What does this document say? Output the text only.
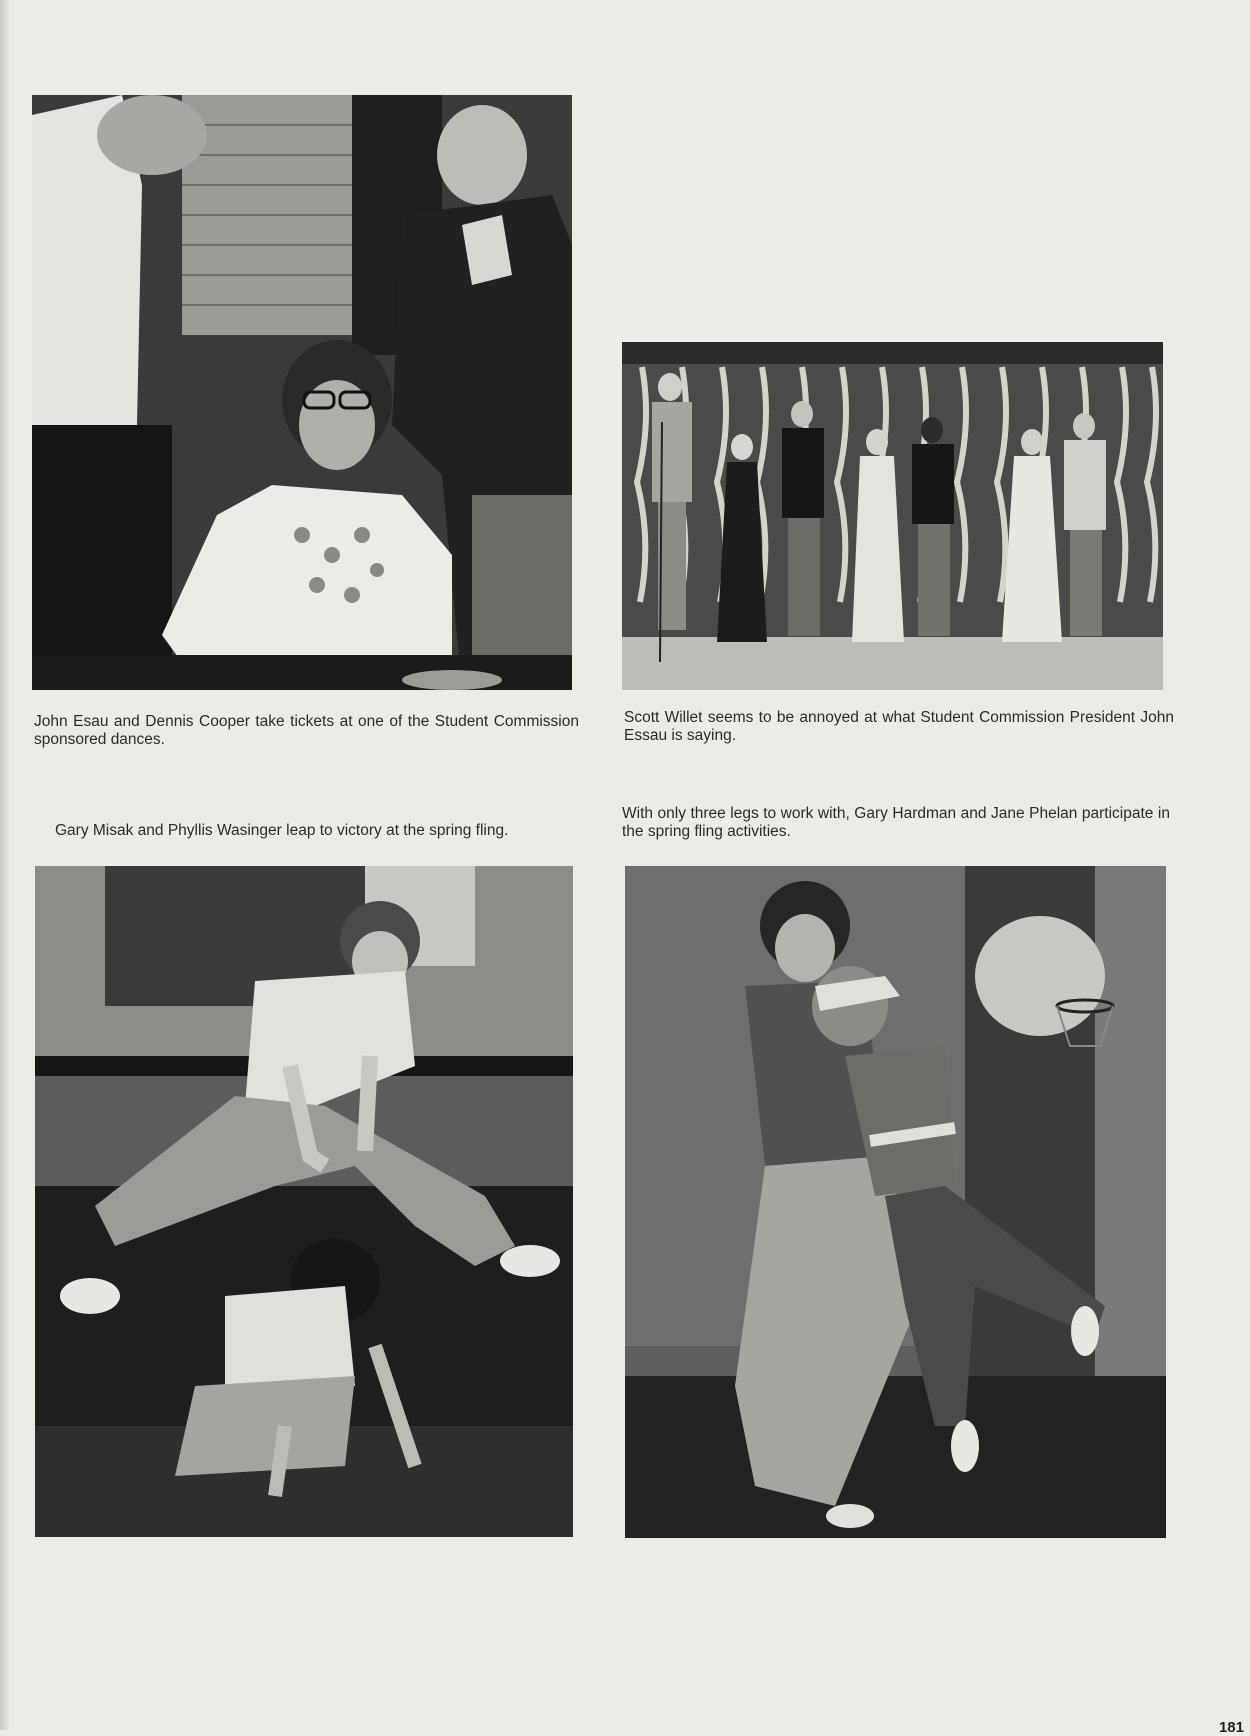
John Esau and Dennis Cooper take tickets at one of the Student Commission sponsored dances.
Scott Willet seems to be annoyed at what Student Commission President John Essau is saying.
Gary Misak and Phyllis Wasinger leap to victory at the spring fling.
With only three legs to work with, Gary Hardman and Jane Phelan participate in the spring fling activities.
181
